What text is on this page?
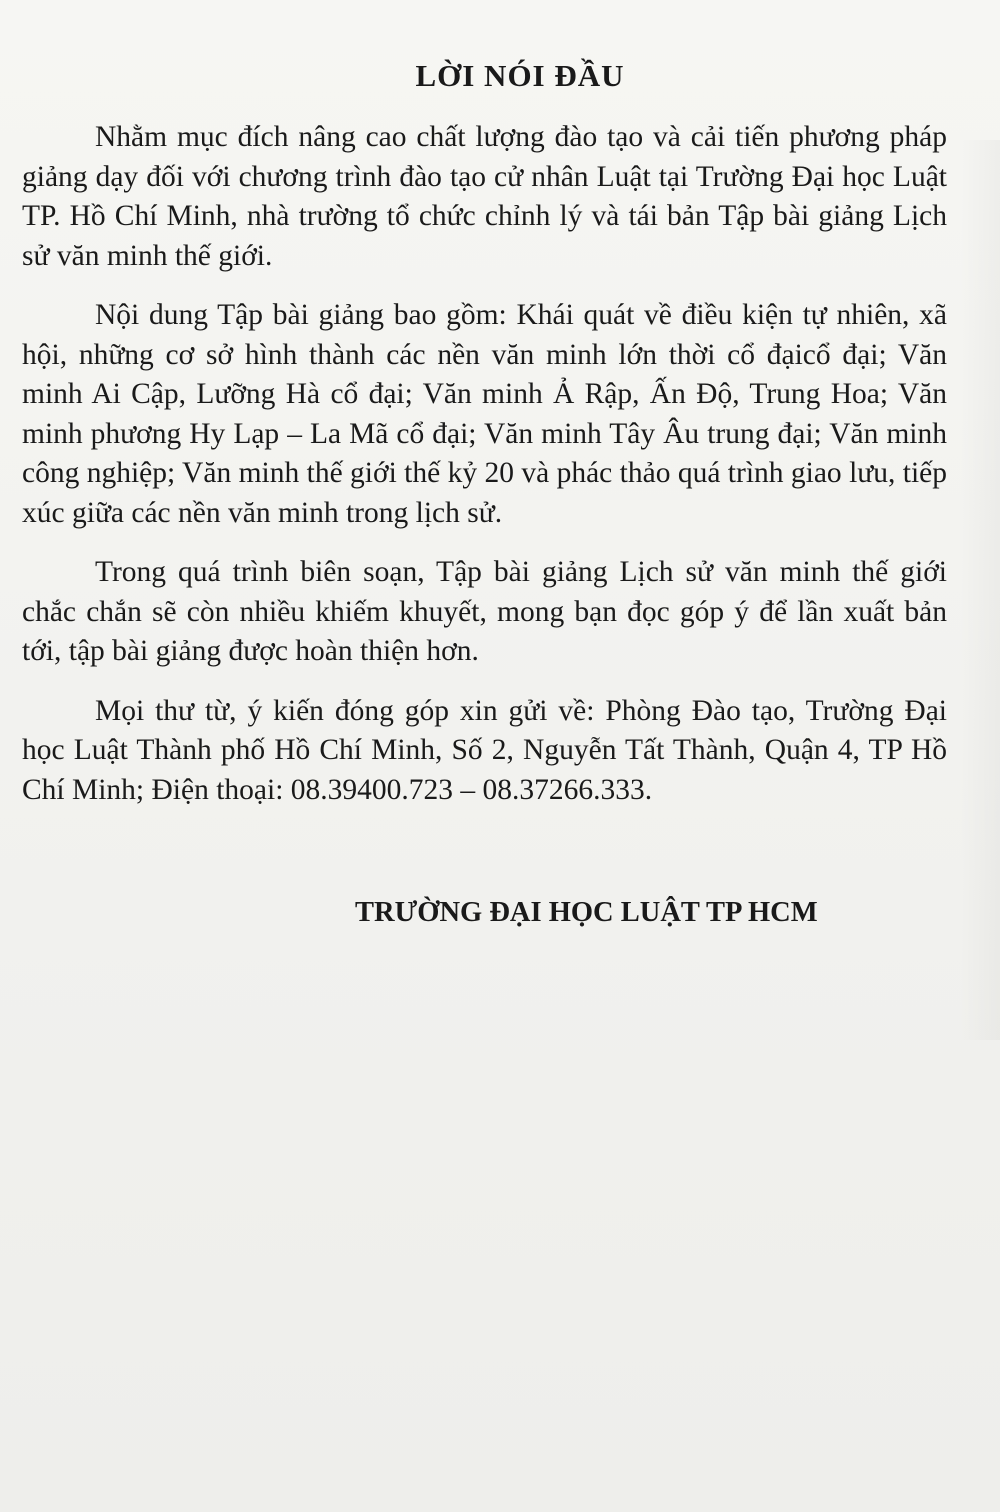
LỜI NÓI ĐẦU

Nhằm mục đích nâng cao chất lượng đào tạo và cải tiến phương pháp giảng dạy đối với chương trình đào tạo cử nhân Luật tại Trường Đại học Luật TP. Hồ Chí Minh, nhà trường tổ chức chỉnh lý và tái bản Tập bài giảng Lịch sử văn minh thế giới.

Nội dung Tập bài giảng bao gồm: Khái quát về điều kiện tự nhiên, xã hội, những cơ sở hình thành các nền văn minh lớn thời cổ đạicổ đại; Văn minh Ai Cập, Lưỡng Hà cổ đại; Văn minh Ả Rập, Ấn Độ, Trung Hoa; Văn minh phương Hy Lạp – La Mã cổ đại; Văn minh Tây Âu trung đại; Văn minh công nghiệp; Văn minh thế giới thế kỷ 20 và phác thảo quá trình giao lưu, tiếp xúc giữa các nền văn minh trong lịch sử.

Trong quá trình biên soạn, Tập bài giảng Lịch sử văn minh thế giới chắc chắn sẽ còn nhiều khiếm khuyết, mong bạn đọc góp ý để lần xuất bản tới, tập bài giảng được hoàn thiện hơn.

Mọi thư từ, ý kiến đóng góp xin gửi về: Phòng Đào tạo, Trường Đại học Luật Thành phố Hồ Chí Minh, Số 2, Nguyễn Tất Thành, Quận 4, TP Hồ Chí Minh; Điện thoại: 08.39400.723 – 08.37266.333.

TRƯỜNG ĐẠI HỌC LUẬT TP HCM
